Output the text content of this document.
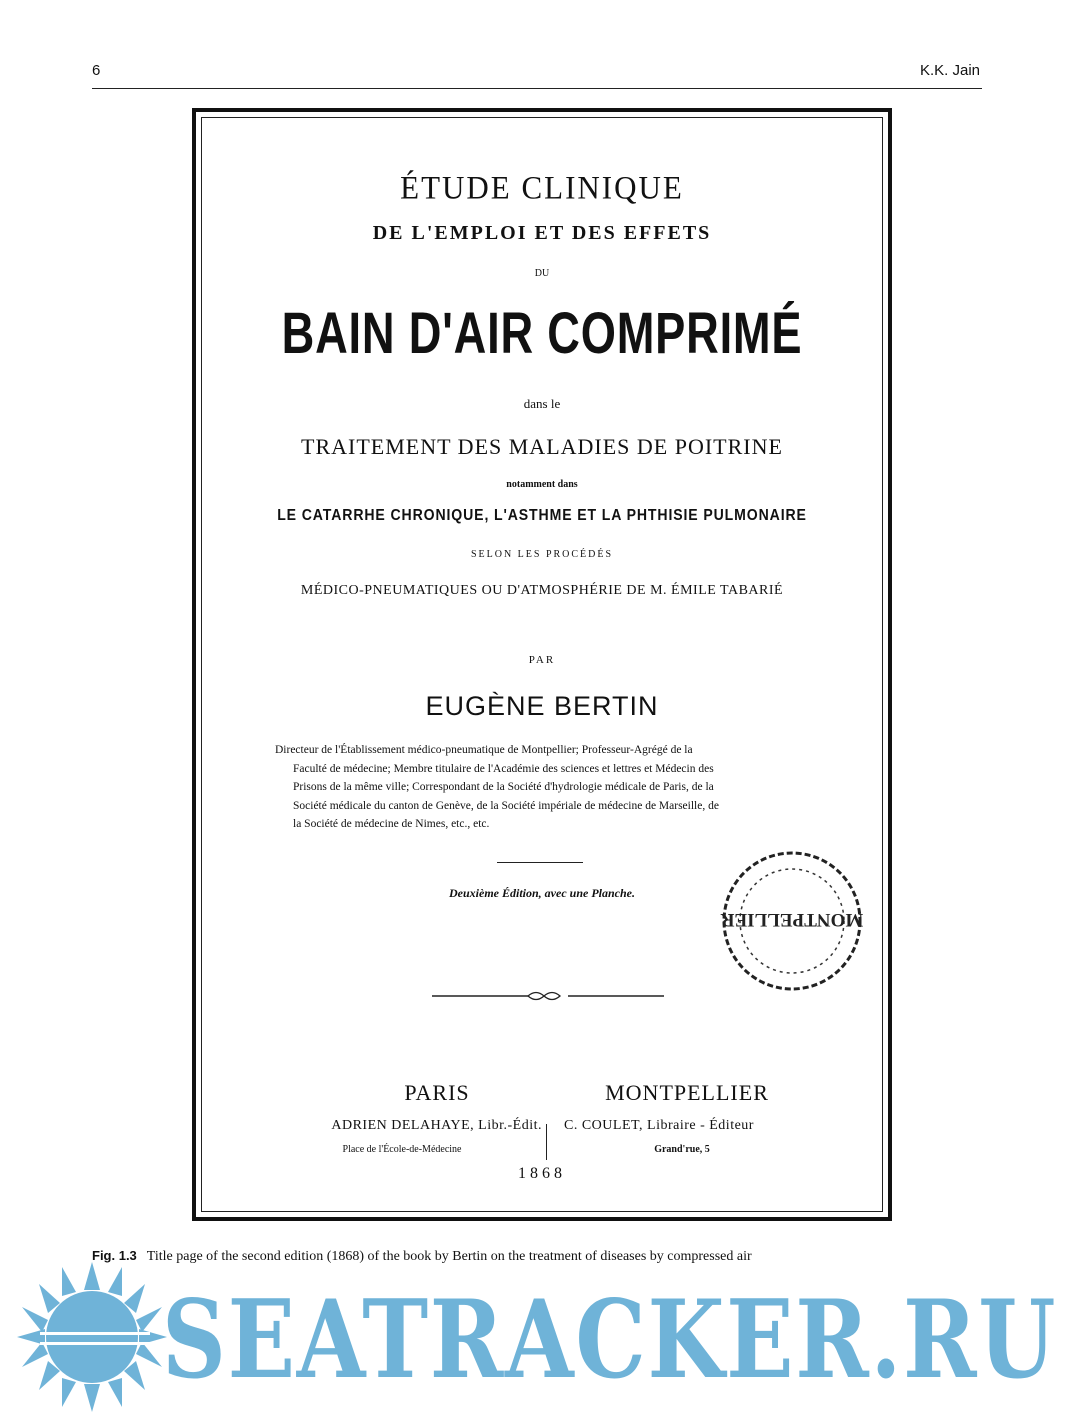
6	K.K. Jain
ÉTUDE CLINIQUE
DE L'EMPLOI ET DES EFFETS
DU
BAIN D'AIR COMPRIMÉ
dans le
TRAITEMENT DES MALADIES DE POITRINE
notamment dans
LE CATARRHE CHRONIQUE, L'ASTHME ET LA PHTHISIE PULMONAIRE
SELON LES PROCÉDÉS
MÉDICO-PNEUMATIQUES OU D'ATMOSPHÉRIE DE M. ÉMILE TABARIÉ
PAR
EUGÈNE BERTIN
Directeur de l'Établissement médico-pneumatique de Montpellier; Professeur-Agrégé de la
Faculté de médecine; Membre titulaire de l'Académie des sciences et lettres et Médecin des
Prisons de la même ville; Correspondant de la Société d'hydrologie médicale de Paris, de la
Société médicale du canton de Genève, de la Société impériale de médecine de Marseille, de
la Société de médecine de Nimes, etc., etc.
Deuxième Édition, avec une Planche.
MONTPELLIER
PARIS	MONTPELLIER
ADRIEN DELAHAYE, Libr.-Édit. C. COULET, Libraire - Éditeur
Place de l'École-de-Médecine	Grand'rue, 5
1868
Fig. 1.3 Title page of the second edition (1868) of the book by Bertin on the treatment of diseases by compressed air
SEATRACKER.RU
